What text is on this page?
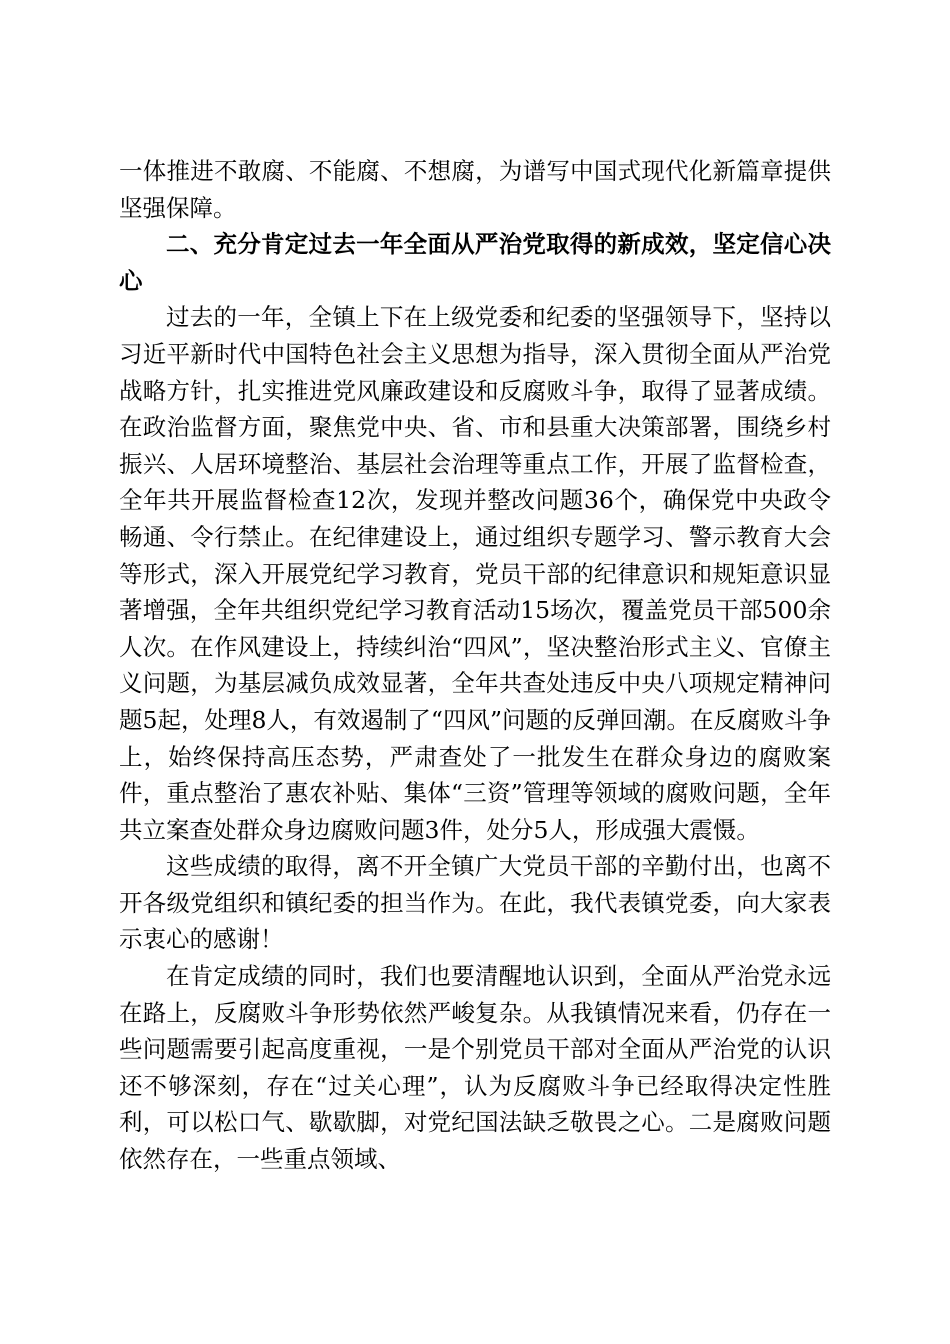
一体推进不敢腐、不能腐、不想腐，为谱写中国式现代化新篇章提供坚强保障。

二、充分肯定过去一年全面从严治党取得的新成效，坚定信心决心

过去的一年，全镇上下在上级党委和纪委的坚强领导下，坚持以习近平新时代中国特色社会主义思想为指导，深入贯彻全面从严治党战略方针，扎实推进党风廉政建设和反腐败斗争，取得了显著成绩。在政治监督方面，聚焦党中央、省、市和县重大决策部署，围绕乡村振兴、人居环境整治、基层社会治理等重点工作，开展了监督检查，全年共开展监督检查12次，发现并整改问题36个，确保党中央政令畅通、令行禁止。在纪律建设上，通过组织专题学习、警示教育大会等形式，深入开展党纪学习教育，党员干部的纪律意识和规矩意识显著增强，全年共组织党纪学习教育活动15场次，覆盖党员干部500余人次。在作风建设上，持续纠治“四风”，坚决整治形式主义、官僚主义问题，为基层减负成效显著，全年共查处违反中央八项规定精神问题5起，处理8人，有效遏制了“四风”问题的反弹回潮。在反腐败斗争上，始终保持高压态势，严肃查处了一批发生在群众身边的腐败案件，重点整治了惠农补贴、集体“三资”管理等领域的腐败问题，全年共立案查处群众身边腐败问题3件，处分5人，形成强大震慑。

这些成绩的取得，离不开全镇广大党员干部的辛勤付出，也离不开各级党组织和镇纪委的担当作为。在此，我代表镇党委，向大家表示衷心的感谢！

在肯定成绩的同时，我们也要清醒地认识到，全面从严治党永远在路上，反腐败斗争形势依然严峻复杂。从我镇情况来看，仍存在一些问题需要引起高度重视，一是个别党员干部对全面从严治党的认识还不够深刻，存在“过关心理”，认为反腐败斗争已经取得决定性胜利，可以松口气、歇歇脚，对党纪国法缺乏敬畏之心。二是腐败问题依然存在，一些重点领域、
